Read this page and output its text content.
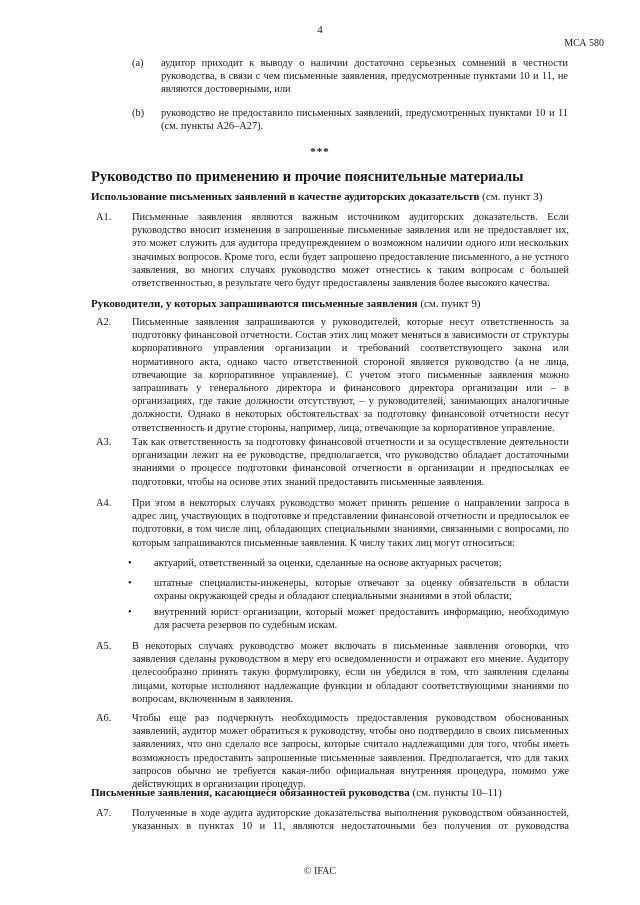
4
МСА 580
(a) аудитор приходит к выводу о наличии достаточно серьезных сомнений в честности руководства, в связи с чем письменные заявления, предусмотренные пунктами 10 и 11, не являются достоверными, или
(b) руководство не предоставило письменных заявлений, предусмотренных пунктами 10 и 11 (см. пункты А26–А27).
***
Руководство по применению и прочие пояснительные материалы
Использование письменных заявлений в качестве аудиторских доказательств (см. пункт 3)
A1. Письменные заявления являются важным источником аудиторских доказательств. Если руководство вносит изменения в запрошенные письменные заявления или не предоставляет их, это может служить для аудитора предупреждением о возможном наличии одного или нескольких значимых вопросов. Кроме того, если будет запрошено предоставление письменного, а не устного заявления, во многих случаях руководство может отнестись к таким вопросам с большей ответственностью, в результате чего будут предоставлены заявления более высокого качества.
Руководители, у которых запрашиваются письменные заявления (см. пункт 9)
A2. Письменные заявления запрашиваются у руководителей, которые несут ответственность за подготовку финансовой отчетности. Состав этих лиц может меняться в зависимости от структуры корпоративного управления организации и требований соответствующего закона или нормативного акта, однако часто ответственной стороной является руководство (а не лица, отвечающие за корпоративное управление). С учетом этого письменные заявления можно запрашивать у генерального директора и финансового директора организации или – в организациях, где такие должности отсутствуют, – у руководителей, занимающих аналогичные должности. Однако в некоторых обстоятельствах за подготовку финансовой отчетности несут ответственность и другие стороны, например, лица, отвечающие за корпоративное управление.
A3. Так как ответственность за подготовку финансовой отчетности и за осуществление деятельности организации лежит на ее руководстве, предполагается, что руководство обладает достаточными знаниями о процессе подготовки финансовой отчетности в организации и предпосылках ее подготовки, чтобы на основе этих знаний предоставить письменные заявления.
A4. При этом в некоторых случаях руководство может принять решение о направлении запроса в адрес лиц, участвующих в подготовке и представлении финансовой отчетности и предпосылок ее подготовки, в том числе лиц, обладающих специальными знаниями, связанными с вопросами, по которым запрашиваются письменные заявления. К числу таких лиц могут относиться:
• актуарий, ответственный за оценки, сделанные на основе актуарных расчетов;
• штатные специалисты-инженеры, которые отвечают за оценку обязательств в области охраны окружающей среды и обладают специальными знаниями в этой области;
• внутренний юрист организации, который может предоставить информацию, необходимую для расчета резервов по судебным искам.
A5. В некоторых случаях руководство может включать в письменные заявления оговорки, что заявления сделаны руководством в меру его осведомленности и отражают его мнение. Аудитору целесообразно принять такую формулировку, если он убедился в том, что заявления сделаны лицами, которые исполняют надлежащие функции и обладают соответствующими знаниями по вопросам, включенным в заявления.
A6. Чтобы еще раз подчеркнуть необходимость предоставления руководством обоснованных заявлений, аудитор может обратиться к руководству, чтобы оно подтвердило в своих письменных заявлениях, что оно сделало все запросы, которые считало надлежащими для того, чтобы иметь возможность предоставить запрошенные письменные заявления. Предполагается, что для таких запросов обычно не требуется какая-либо официальная внутренняя процедура, помимо уже действующих в организации процедур.
Письменные заявления, касающиеся обязанностей руководства (см. пункты 10–11)
A7. Полученные в ходе аудита аудиторские доказательства выполнения руководством обязанностей, указанных в пунктах 10 и 11, являются недостаточными без получения от руководства
© IFAC
